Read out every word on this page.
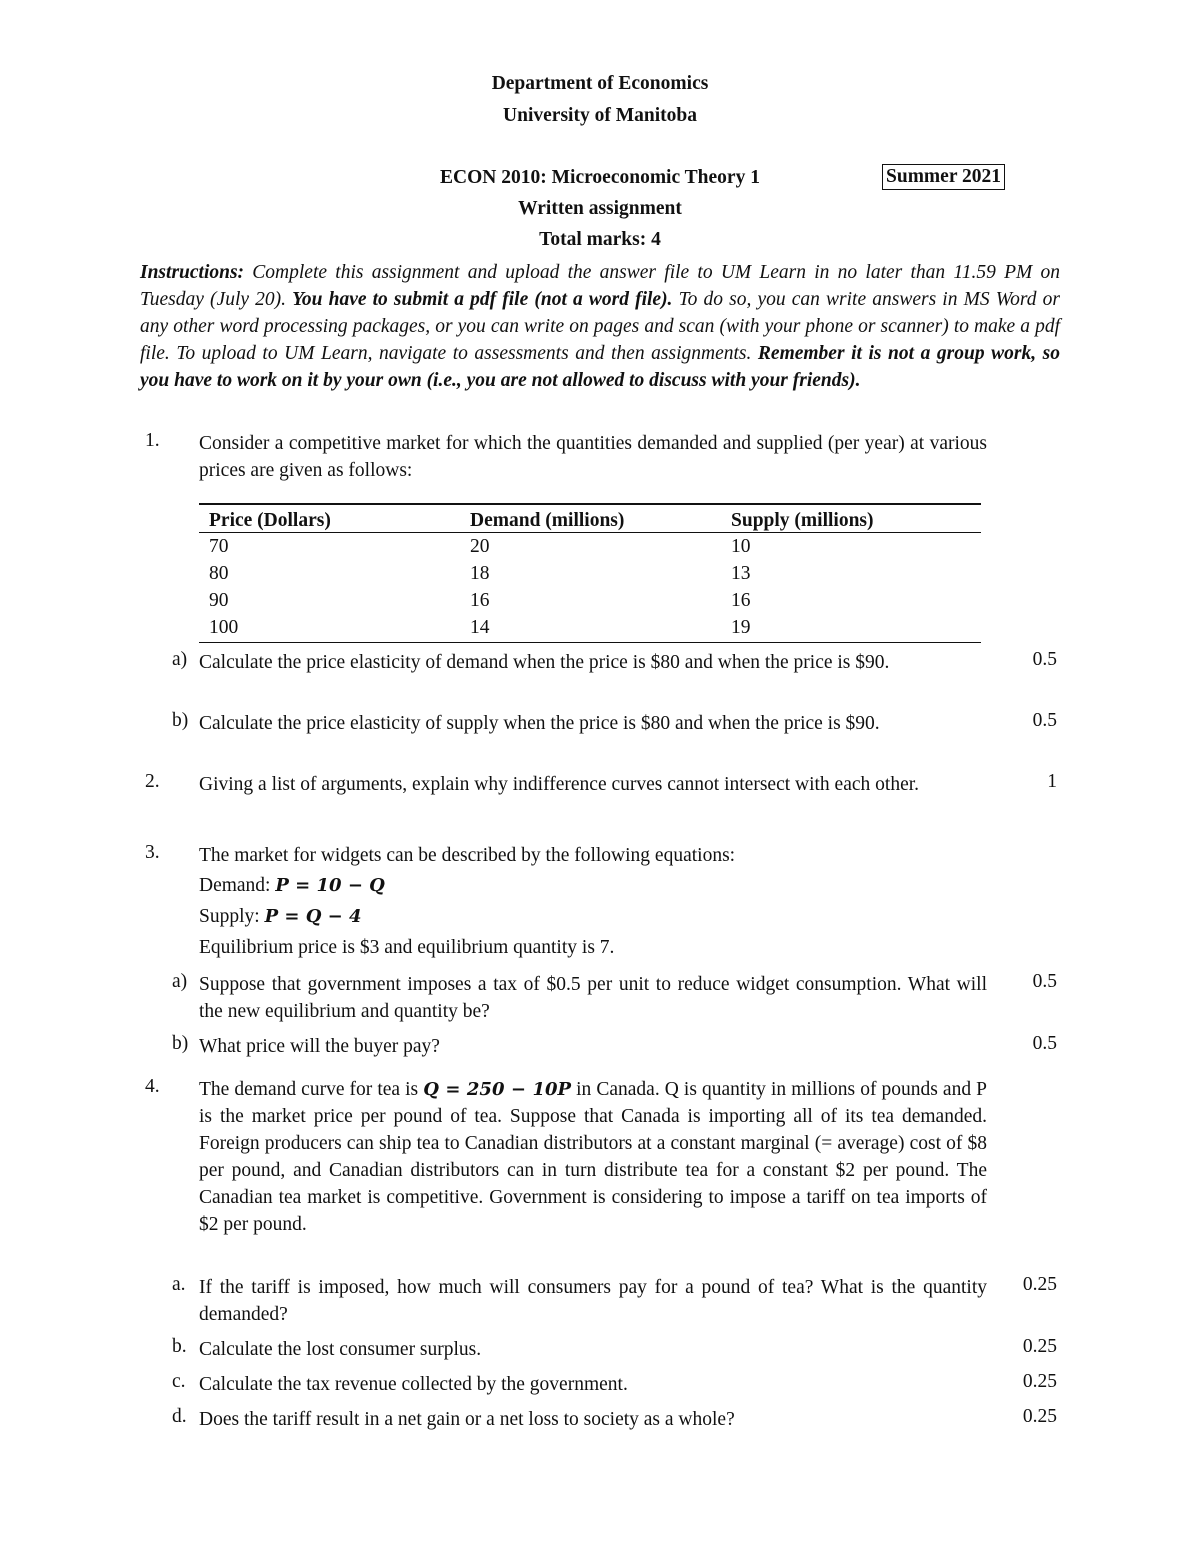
Department of Economics
University of Manitoba
ECON 2010: Microeconomic Theory 1	Summer 2021
Written assignment
Total marks: 4
Instructions: Complete this assignment and upload the answer file to UM Learn in no later than 11.59 PM on Tuesday (July 20). You have to submit a pdf file (not a word file). To do so, you can write answers in MS Word or any other word processing packages, or you can write on pages and scan (with your phone or scanner) to make a pdf file. To upload to UM Learn, navigate to assessments and then assignments. Remember it is not a group work, so you have to work on it by your own (i.e., you are not allowed to discuss with your friends).
1. Consider a competitive market for which the quantities demanded and supplied (per year) at various prices are given as follows:
Price (Dollars)	Demand (millions)	Supply (millions)
70	20	10
80	18	13
90	16	16
100	14	19
a) Calculate the price elasticity of demand when the price is $80 and when the price is $90.	0.5
b) Calculate the price elasticity of supply when the price is $80 and when the price is $90.	0.5
2. Giving a list of arguments, explain why indifference curves cannot intersect with each other.	1
3. The market for widgets can be described by the following equations:
Demand: P = 10 − Q
Supply: P = Q − 4
Equilibrium price is $3 and equilibrium quantity is 7.
a) Suppose that government imposes a tax of $0.5 per unit to reduce widget consumption. What will the new equilibrium and quantity be?
0.5
b) What price will the buyer pay?	0.5
4. The demand curve for tea is Q = 250 − 10P in Canada. Q is quantity in millions of pounds and P is the market price per pound of tea. Suppose that Canada is importing all of its tea demanded. Foreign producers can ship tea to Canadian distributors at a constant marginal (= average) cost of $8 per pound, and Canadian distributors can in turn distribute tea for a constant $2 per pound. The Canadian tea market is competitive. Government is considering to impose a tariff on tea imports of $2 per pound.
a. If the tariff is imposed, how much will consumers pay for a pound of tea? What is the quantity demanded?
0.25
b. Calculate the lost consumer surplus.	0.25
c. Calculate the tax revenue collected by the government.	0.25
d. Does the tariff result in a net gain or a net loss to society as a whole?	0.25
